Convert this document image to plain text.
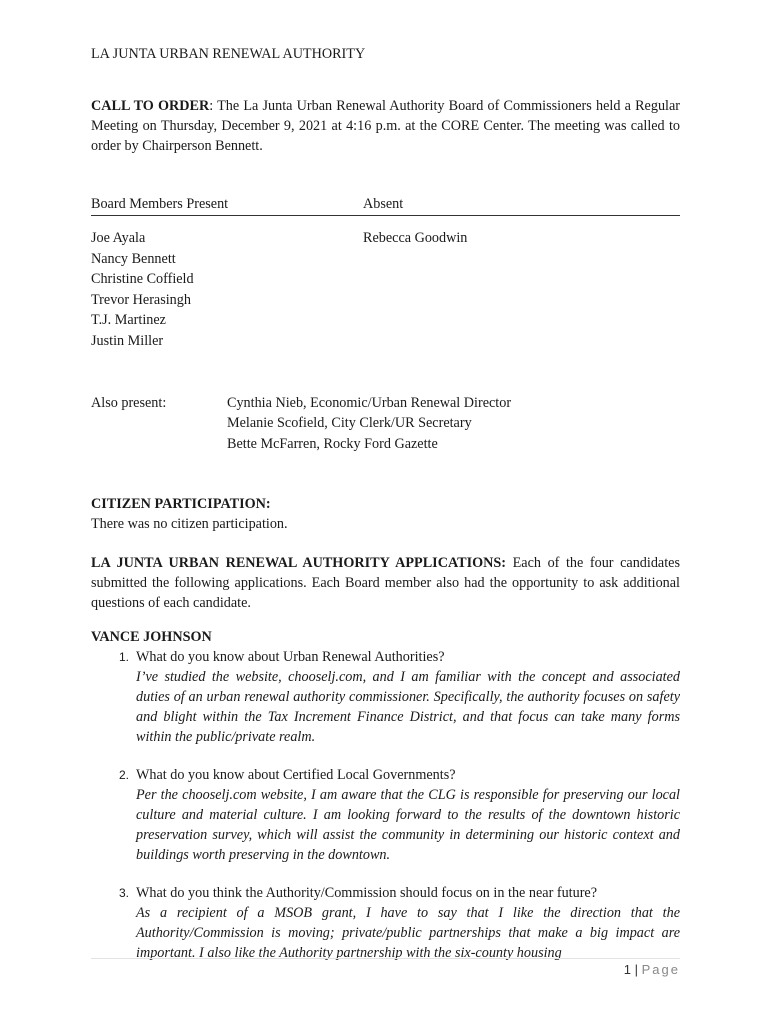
LA JUNTA URBAN RENEWAL AUTHORITY

CALL TO ORDER: The La Junta Urban Renewal Authority Board of Commissioners held a Regular Meeting on Thursday, December 9, 2021 at 4:16 p.m. at the CORE Center. The meeting was called to order by Chairperson Bennett.

Board Members Present	Absent
Joe Ayala
Nancy Bennett
Christine Coffield
Trevor Herasingh
T.J. Martinez
Justin Miller
Rebecca Goodwin
Also present:	Cynthia Nieb, Economic/Urban Renewal Director
Melanie Scofield, City Clerk/UR Secretary
Bette McFarren, Rocky Ford Gazette
CITIZEN PARTICIPATION:
There was no citizen participation.

LA JUNTA URBAN RENEWAL AUTHORITY APPLICATIONS: Each of the four candidates submitted the following applications. Each Board member also had the opportunity to ask additional questions of each candidate.

VANCE JOHNSON
1. What do you know about Urban Renewal Authorities?
I’ve studied the website, chooselj.com, and I am familiar with the concept and associated duties of an urban renewal authority commissioner. Specifically, the authority focuses on safety and blight within the Tax Increment Finance District, and that focus can take many forms within the public/private realm.
2. What do you know about Certified Local Governments?
Per the chooselj.com website, I am aware that the CLG is responsible for preserving our local culture and material culture. I am looking forward to the results of the downtown historic preservation survey, which will assist the community in determining our historic context and buildings worth preserving in the downtown.
3. What do you think the Authority/Commission should focus on in the near future?
As a recipient of a MSOB grant, I have to say that I like the direction that the Authority/Commission is moving; private/public partnerships that make a big impact are important. I also like the Authority partnership with the six-county housing
1 | Page
